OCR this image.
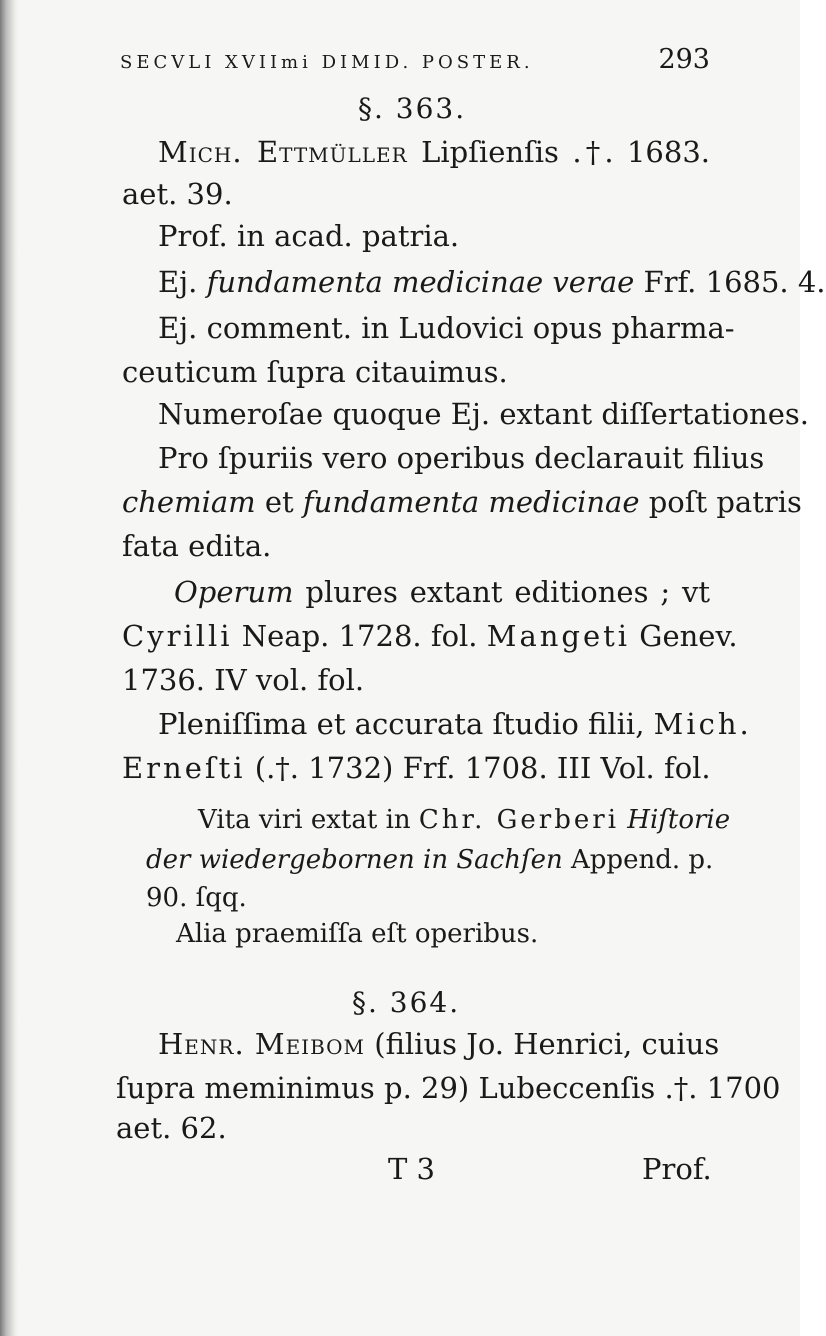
SECVLI XVIImi DIMID. POSTER.	293
§. 363.
Mich. Ettmüller Lipſienſis .†. 1683.
aet. 39.
Prof. in acad. patria.
Ej. fundamenta medicinae verae Frf. 1685. 4.
Ej. comment. in Ludovici opus pharma-
ceuticum ſupra citauimus.
Numeroſae quoque Ej. extant diſſertationes.
Pro ſpuriis vero operibus declarauit filius
chemiam et fundamenta medicinae poſt patris
fata edita.
Operum plures extant editiones ; vt
Cyrilli Neap. 1728. fol. Mangeti Genev.
1736. IV vol. fol.
Pleniſſima et accurata ſtudio filii, Mich.
Erneſti (.†. 1732) Frf. 1708. III Vol. fol.
Vita viri extat in Chr. Gerberi Hiſtorie
der wiedergebornen in Sachſen Append. p.
90. ſqq.
Alia praemiſſa eſt operibus.
§. 364.
Henr. Meibom (filius Jo. Henrici, cuius
ſupra meminimus p. 29) Lubeccenſis .†. 1700
aet. 62.
T 3	Prof.
